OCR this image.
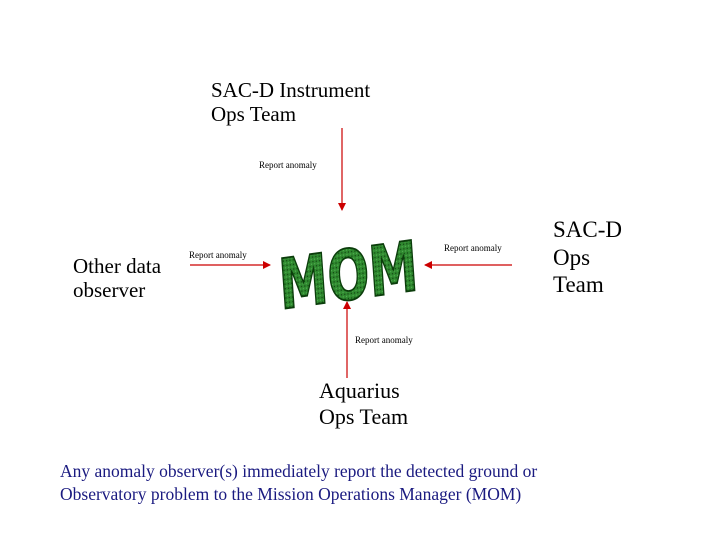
SAC-D Instrument
Ops Team
Other data
observer
SAC-D
Ops
Team
Aquarius
Ops Team
MOM
Report anomaly
Report anomaly
Report anomaly
Report anomaly
Any anomaly observer(s) immediately report the detected ground or
Observatory problem to the Mission Operations Manager (MOM)
